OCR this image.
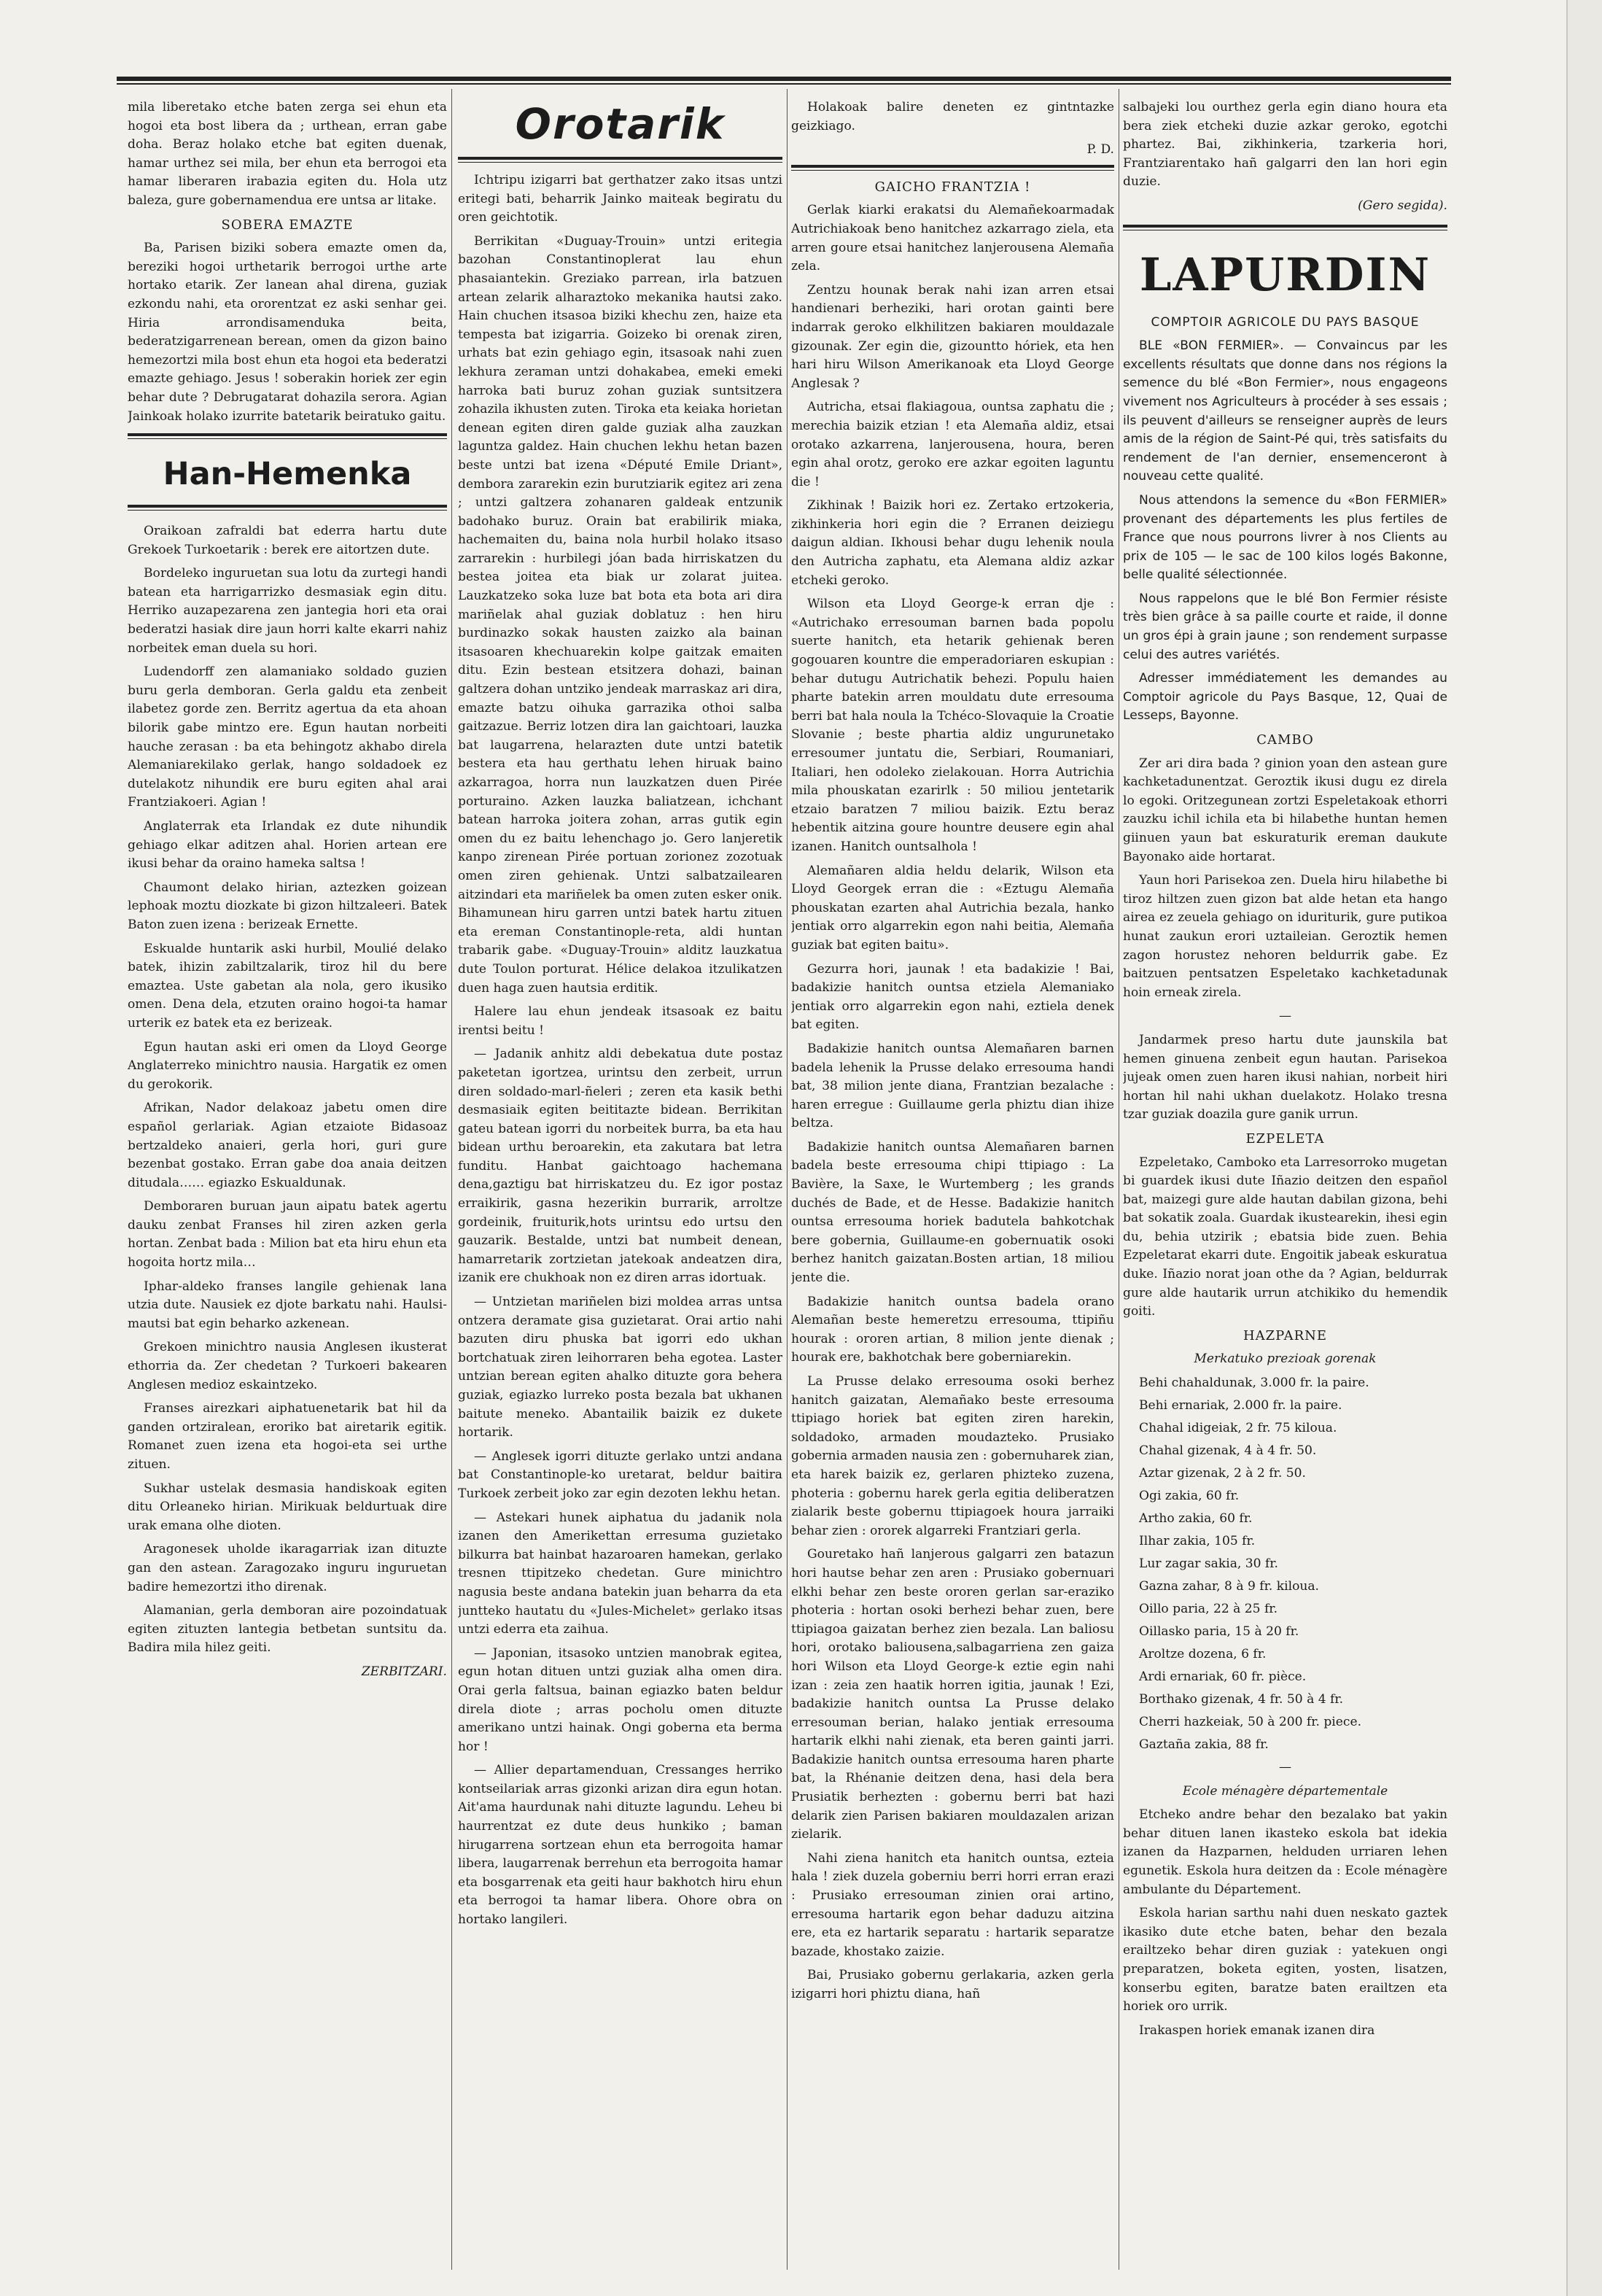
mila liberetako etche baten zerga sei ehun eta hogoi eta bost libera da ; urthean, erran gabe doha. Beraz holako etche bat egiten duenak, hamar urthez sei mila, ber ehun eta berrogoi eta hamar liberaren irabazia egiten du. Hola utz baleza, gure gobernamendua ere untsa ar litake.

SOBERA EMAZTE

Ba, Parisen biziki sobera emazte omen da, bereziki hogoi urthetarik berrogoi urthe arte hortako etarik. Zer lanean ahal direna, guziak ezkondu nahi, eta ororentzat ez aski senhar gei. Hiria arrondisamenduka beita, bederatzigarrenean berean, omen da gizon baino hemezortzi mila bost ehun eta hogoi eta bederatzi emazte gehiago. Jesus ! soberakin horiek zer egin behar dute ? Debrugatarat dohazila serora. Agian Jainkoak holako izurrite batetarik beiratuko gaitu.

Han-Hemenka

Oraikoan zafraldi bat ederra hartu dute Grekoek Turkoetarik : berek ere aitortzen dute.

Bordeleko inguruetan sua lotu da zurtegi handi batean eta harrigarrizko desmasiak egin ditu. Herriko auzapezarena zen jantegia hori eta orai bederatzi hasiak dire jaun horri kalte ekarri nahiz norbeitek eman duela su hori.

Ludendorff zen alamaniako soldado guzien buru gerla demboran. Gerla galdu eta zenbeit ilabetez gorde zen. Berritz agertua da eta ahoan bilorik gabe mintzo ere. Egun hautan norbeiti hauche zerasan : ba eta behingotz akhabo direla Alemaniarekilako gerlak, hango soldadoek ez dutelakotz nihundik ere buru egiten ahal arai Frantziakoeri. Agian !

Anglaterrak eta Irlandak ez dute nihundik gehiago elkar aditzen ahal. Horien artean ere ikusi behar da oraino hameka saltsa !

Chaumont delako hirian, aztezken goizean lephoak moztu diozkate bi gizon hiltzaleeri. Batek Baton zuen izena : berizeak Ernette.

Eskualde huntarik aski hurbil, Moulié delako batek, ihizin zabiltzalarik, tiroz hil du bere emaztea. Uste gabetan ala nola, gero ikusiko omen. Dena dela, etzuten oraino hogoi-ta hamar urterik ez batek eta ez berizeak.

Egun hautan aski eri omen da Lloyd George Anglaterreko minichtro nausia. Hargatik ez omen du gerokorik.

Afrikan, Nador delakoaz jabetu omen dire español gerlariak. Agian etzaiote Bidasoaz bertzaldeko anaieri, gerla hori, guri gure bezenbat gostako. Erran gabe doa anaia deitzen ditudala…… egiazko Eskualdunak.

Demboraren buruan jaun aipatu batek agertu dauku zenbat Franses hil ziren azken gerla hortan. Zenbat bada : Milion bat eta hiru ehun eta hogoita hortz mila…

Iphar-aldeko franses langile gehienak lana utzia dute. Nausiek ez djote barkatu nahi. Haulsi-mautsi bat egin beharko azkenean.

Grekoen minichtro nausia Anglesen ikusterat ethorria da. Zer chedetan ? Turkoeri bakearen Anglesen medioz eskaintzeko.

Franses airezkari aiphatuenetarik bat hil da ganden ortziralean, eroriko bat airetarik egitik. Romanet zuen izena eta hogoi-eta sei urthe zituen.

Sukhar ustelak desmasia handiskoak egiten ditu Orleaneko hirian. Mirikuak beldurtuak dire urak emana olhe dioten.

Aragonesek uholde ikaragarriak izan dituzte gan den astean. Zaragozako inguru inguruetan badire hemezortzi itho direnak.

Alamanian, gerla demboran aire pozoindatuak egiten zituzten lantegia betbetan suntsitu da. Badira mila hilez geiti.

ZERBITZARI.

Orotarik

Ichtripu izigarri bat gerthatzer zako itsas untzi eritegi bati, beharrik Jainko maiteak begiratu du oren geichtotik.

Berrikitan «Duguay-Trouin» untzi eritegia bazohan Constantinoplerat lau ehun phasaiantekin. Greziako parrean, irla batzuen artean zelarik alharaztoko mekanika hautsi zako. Hain chuchen itsasoa biziki khechu zen, haize eta tempesta bat izigarria. Goizeko bi orenak ziren, urhats bat ezin gehiago egin, itsasoak nahi zuen lekhura zeraman untzi dohakabea, emeki emeki harroka bati buruz zohan guziak suntsitzera zohazila ikhusten zuten. Tiroka eta keiaka horietan denean egiten diren galde guziak alha zauzkan laguntza galdez. Hain chuchen lekhu hetan bazen beste untzi bat izena «Député Emile Driant», dembora zararekin ezin burutziarik egitez ari zena ; untzi galtzera zohanaren galdeak entzunik badohako buruz. Orain bat erabilirik miaka, hachemaiten du, baina nola hurbil holako itsaso zarrarekin : hurbilegi jóan bada hirriskatzen du bestea joitea eta biak ur zolarat juitea. Lauzkatzeko soka luze bat bota eta bota ari dira mariñelak ahal guziak doblatuz : hen hiru burdinazko sokak hausten zaizko ala bainan itsasoaren khechuarekin kolpe gaitzak emaiten ditu. Ezin bestean etsitzera dohazi, bainan galtzera dohan untziko jendeak marraskaz ari dira, emazte batzu oihuka garrazika othoi salba gaitzazue. Berriz lotzen dira lan gaichtoari, lauzka bat laugarrena, helarazten dute untzi batetik bestera eta hau gerthatu lehen hiruak baino azkarragoa, horra nun lauzkatzen duen Pirée porturaino. Azken lauzka baliatzean, ichchant batean harroka joitera zohan, arras gutik egin omen du ez baitu lehenchago jo. Gero lanjeretik kanpo zirenean Pirée portuan zorionez zozotuak omen ziren gehienak. Untzi salbatzailearen aitzindari eta mariñelek ba omen zuten esker onik. Bihamunean hiru garren untzi batek hartu zituen eta ereman Constantinople-reta, aldi huntan trabarik gabe. «Duguay-Trouin» alditz lauzkatua dute Toulon porturat. Hélice delakoa itzulikatzen duen haga zuen hautsia erditik.

Halere lau ehun jendeak itsasoak ez baitu irentsi beitu !

— Jadanik anhitz aldi debekatua dute postaz paketetan igortzea, urintsu den zerbeit, urrun diren soldado-marl-ñeleri ; zeren eta kasik bethi desmasiaik egiten beititazte bidean. Berrikitan gateu batean igorri du norbeitek burra, ba eta hau bidean urthu beroarekin, eta zakutara bat letra funditu. Hanbat gaichtoago hachemana dena,gaztigu bat hirriskatzeu du. Ez igor postaz erraikirik, gasna hezerikin burrarik, arroltze gordeinik, fruiturik,hots urintsu edo urtsu den gauzarik. Bestalde, untzi bat numbeit denean, hamarretarik zortzietan jatekoak andeatzen dira, izanik ere chukhoak non ez diren arras idortuak.

— Untzietan mariñelen bizi moldea arras untsa ontzera deramate gisa guzietarat. Orai artio nahi bazuten diru phuska bat igorri edo ukhan bortchatuak ziren leihorraren beha egotea. Laster untzian berean egiten ahalko dituzte gora behera guziak, egiazko lurreko posta bezala bat ukhanen baitute meneko. Abantailik baizik ez dukete hortarik.

— Anglesek igorri dituzte gerlako untzi andana bat Constantinople-ko uretarat, beldur baitira Turkoek zerbeit joko zar egin dezoten lekhu hetan.

— Astekari hunek aiphatua du jadanik nola izanen den Amerikettan erresuma guzietako bilkurra bat hainbat hazaroaren hamekan, gerlako tresnen ttipitzeko chedetan. Gure minichtro nagusia beste andana batekin juan beharra da eta juntteko hautatu du «Jules-Michelet» gerlako itsas untzi ederra eta zaihua.

— Japonian, itsasoko untzien manobrak egitea, egun hotan dituen untzi guziak alha omen dira. Orai gerla faltsua, bainan egiazko baten beldur direla diote ; arras pocholu omen dituzte amerikano untzi hainak. Ongi goberna eta berma hor !

— Allier departamenduan, Cressanges herriko kontseilariak arras gizonki arizan dira egun hotan. Ait'ama haurdunak nahi dituzte lagundu. Leheu bi haurrentzat ez dute deus hunkiko ; baman hirugarrena sortzean ehun eta berrogoita hamar libera, laugarrenak berrehun eta berrogoita hamar eta bosgarrenak eta geiti haur bakhotch hiru ehun eta berrogoi ta hamar libera. Ohore obra on hortako langileri.

Holakoak balire deneten ez gintntazke geizkiago.

P. D.

GAICHO FRANTZIA !

Gerlak kiarki erakatsi du Alemañekoarmadak Autrichiakoak beno hanitchez azkarrago ziela, eta arren goure etsai hanitchez lanjerousena Alemaña zela.

Zentzu hounak berak nahi izan arren etsai handienari berheziki, hari orotan gainti bere indarrak geroko elkhilitzen bakiaren mouldazale gizounak. Zer egin die, gizountto hóriek, eta hen hari hiru Wilson Amerikanoak eta Lloyd George Anglesak ?

Autricha, etsai flakiagoua, ountsa zaphatu die ; merechia baizik etzian ! eta Alemaña aldiz, etsai orotako azkarrena, lanjerousena, houra, beren egin ahal orotz, geroko ere azkar egoiten laguntu die !

Zikhinak ! Baizik hori ez. Zertako ertzokeria, zikhinkeria hori egin die ? Erranen deiziegu daigun aldian. Ikhousi behar dugu lehenik noula den Autricha zaphatu, eta Alemana aldiz azkar etcheki geroko.

Wilson eta Lloyd George-k erran dje : «Autrichako erresouman barnen bada popolu suerte hanitch, eta hetarik gehienak beren gogouaren kountre die emperadoriaren eskupian : behar dutugu Autrichatik behezi. Populu haien pharte batekin arren mouldatu dute erresouma berri bat hala noula la Tchéco-Slovaquie la Croatie Slovanie ; beste phartia aldiz ungurunetako erresoumer juntatu die, Serbiari, Roumaniari, Italiari, hen odoleko zielakouan. Horra Autrichia mila phouskatan ezarirlk : 50 miliou jentetarik etzaio baratzen 7 miliou baizik. Eztu beraz hebentik aitzina goure hountre deusere egin ahal izanen. Hanitch ountsalhola !

Alemañaren aldia heldu delarik, Wilson eta Lloyd Georgek erran die : «Eztugu Alemaña phouskatan ezarten ahal Autrichia bezala, hanko jentiak orro algarrekin egon nahi beitia, Alemaña guziak bat egiten baitu».

Gezurra hori, jaunak ! eta badakizie ! Bai, badakizie hanitch ountsa etziela Alemaniako jentiak orro algarrekin egon nahi, eztiela denek bat egiten.

Badakizie hanitch ountsa Alemañaren barnen badela lehenik la Prusse delako erresouma handi bat, 38 milion jente diana, Frantzian bezalache : haren erregue : Guillaume gerla phiztu dian ihize beltza.

Badakizie hanitch ountsa Alemañaren barnen badela beste erresouma chipi ttipiago : La Bavière, la Saxe, le Wurtemberg ; les grands duchés de Bade, et de Hesse. Badakizie hanitch ountsa erresouma horiek badutela bahkotchak bere gobernia, Guillaume-en gobernuatik osoki berhez hanitch gaizatan.Bosten artian, 18 miliou jente die.

Badakizie hanitch ountsa badela orano Alemañan beste hemeretzu erresouma, ttipiñu hourak : ororen artian, 8 milion jente dienak ; hourak ere, bakhotchak bere goberniarekin.

La Prusse delako erresouma osoki berhez hanitch gaizatan, Alemañako beste erresouma ttipiago horiek bat egiten ziren harekin, soldadoko, armaden moudazteko. Prusiako gobernia armaden nausia zen : gobernuharek zian, eta harek baizik ez, gerlaren phizteko zuzena, photeria : gobernu harek gerla egitia deliberatzen zialarik beste gobernu ttipiagoek houra jarraiki behar zien : ororek algarreki Frantziari gerla.

Gouretako hañ lanjerous galgarri zen batazun hori hautse behar zen aren : Prusiako gobernuari elkhi behar zen beste ororen gerlan sar-eraziko photeria : hortan osoki berhezi behar zuen, bere ttipiagoa gaizatan berhez zien bezala. Lan baliosu hori, orotako baliousena,salbagarriena zen gaiza hori Wilson eta Lloyd George-k eztie egin nahi izan : zeia zen haatik horren igitia, jaunak ! Ezi, badakizie hanitch ountsa La Prusse delako erresouman berian, halako jentiak erresouma hartarik elkhi nahi zienak, eta beren gainti jarri. Badakizie hanitch ountsa erresouma haren pharte bat, la Rhénanie deitzen dena, hasi dela bera Prusiatik berhezten : gobernu berri bat hazi delarik zien Parisen bakiaren mouldazalen arizan zielarik.

Nahi ziena hanitch eta hanitch ountsa, ezteia hala ! ziek duzela goberniu berri horri erran erazi : Prusiako erresouman zinien orai artino, erresouma hartarik egon behar daduzu aitzina ere, eta ez hartarik separatu : hartarik separatze bazade, khostako zaizie.

Bai, Prusiako gobernu gerlakaria, azken gerla izigarri hori phiztu diana, hañ

salbajeki lou ourthez gerla egin diano houra eta bera ziek etcheki duzie azkar geroko, egotchi phartez. Bai, zikhinkeria, tzarkeria hori, Frantziarentako hañ galgarri den lan hori egin duzie.

(Gero segida).

LAPURDIN

COMPTOIR AGRICOLE DU PAYS BASQUE

BLE «BON FERMIER». — Convaincus par les excellents résultats que donne dans nos régions la semence du blé «Bon Fermier», nous engageons vivement nos Agriculteurs à procéder à ses essais ; ils peuvent d'ailleurs se renseigner auprès de leurs amis de la région de Saint-Pé qui, très satisfaits du rendement de l'an dernier, ensemenceront à nouveau cette qualité.

Nous attendons la semence du «Bon FERMIER» provenant des départements les plus fertiles de France que nous pourrons livrer à nos Clients au prix de 105 — le sac de 100 kilos logés Bakonne, belle qualité sélectionnée.

Nous rappelons que le blé Bon Fermier résiste très bien grâce à sa paille courte et raide, il donne un gros épi à grain jaune ; son rendement surpasse celui des autres variétés.

Adresser immédiatement les demandes au Comptoir agricole du Pays Basque, 12, Quai de Lesseps, Bayonne.

CAMBO

Zer ari dira bada ? ginion yoan den astean gure kachketadunentzat. Geroztik ikusi dugu ez direla lo egoki. Oritzegunean zortzi Espeletakoak ethorri zauzku ichil ichila eta bi hilabethe huntan hemen giinuen yaun bat eskuraturik ereman daukute Bayonako aide hortarat.

Yaun hori Parisekoa zen. Duela hiru hilabethe bi tiroz hiltzen zuen gizon bat alde hetan eta hango airea ez zeuela gehiago on iduriturik, gure putikoa hunat zaukun erori uztaileian. Geroztik hemen zagon horustez nehoren beldurrik gabe. Ez baitzuen pentsatzen Espeletako kachketadunak hoin erneak zirela.

—

Jandarmek preso hartu dute jaunskila bat hemen ginuena zenbeit egun hautan. Parisekoa jujeak omen zuen haren ikusi nahian, norbeit hiri hortan hil nahi ukhan duelakotz. Holako tresna tzar guziak doazila gure ganik urrun.

EZPELETA

Ezpeletako, Camboko eta Larresorroko mugetan bi guardek ikusi dute Iñazio deitzen den español bat, maizegi gure alde hautan dabilan gizona, behi bat sokatik zoala. Guardak ikustearekin, ihesi egin du, behia utzirik ; ebatsia bide zuen. Behia Ezpeletarat ekarri dute. Engoitik jabeak eskuratua duke. Iñazio norat joan othe da ? Agian, beldurrak gure alde hautarik urrun atchikiko du hemendik goiti.

HAZPARNE

Merkatuko prezioak gorenak

Behi chahaldunak, 3.000 fr. la paire.

Behi ernariak, 2.000 fr. la paire.

Chahal idigeiak, 2 fr. 75 kiloua.

Chahal gizenak, 4 à 4 fr. 50.

Aztar gizenak, 2 à 2 fr. 50.

Ogi zakia, 60 fr.

Artho zakia, 60 fr.

Ilhar zakia, 105 fr.

Lur zagar sakia, 30 fr.

Gazna zahar, 8 à 9 fr. kiloua.

Oillo paria, 22 à 25 fr.

Oillasko paria, 15 à 20 fr.

Aroltze dozena, 6 fr.

Ardi ernariak, 60 fr. pièce.

Borthako gizenak, 4 fr. 50 à 4 fr.

Cherri hazkeiak, 50 à 200 fr. piece.

Gaztaña zakia, 88 fr.

—

Ecole ménagère départementale

Etcheko andre behar den bezalako bat yakin behar dituen lanen ikasteko eskola bat idekia izanen da Hazparnen, helduden urriaren lehen egunetik. Eskola hura deitzen da : Ecole ménagère ambulante du Département.

Eskola harian sarthu nahi duen neskato gaztek ikasiko dute etche baten, behar den bezala erailtzeko behar diren guziak : yatekuen ongi preparatzen, boketa egiten, yosten, lisatzen, konserbu egiten, baratze baten erailtzen eta horiek oro urrik.

Irakaspen horiek emanak izanen dira
